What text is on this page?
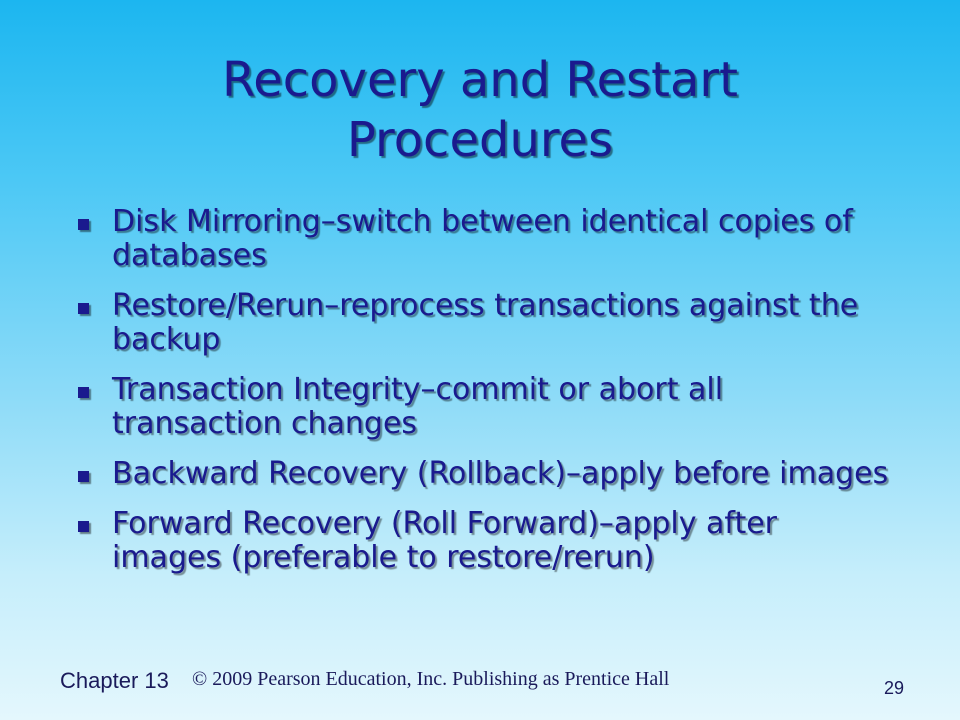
Recovery and Restart Procedures
Disk Mirroring–switch between identical copies of databases
Restore/Rerun–reprocess transactions against the backup
Transaction Integrity–commit or abort all transaction changes
Backward Recovery (Rollback)–apply before images
Forward Recovery (Roll Forward)–apply after images (preferable to restore/rerun)
Chapter 13 © 2009 Pearson Education, Inc. Publishing as Prentice Hall	29
